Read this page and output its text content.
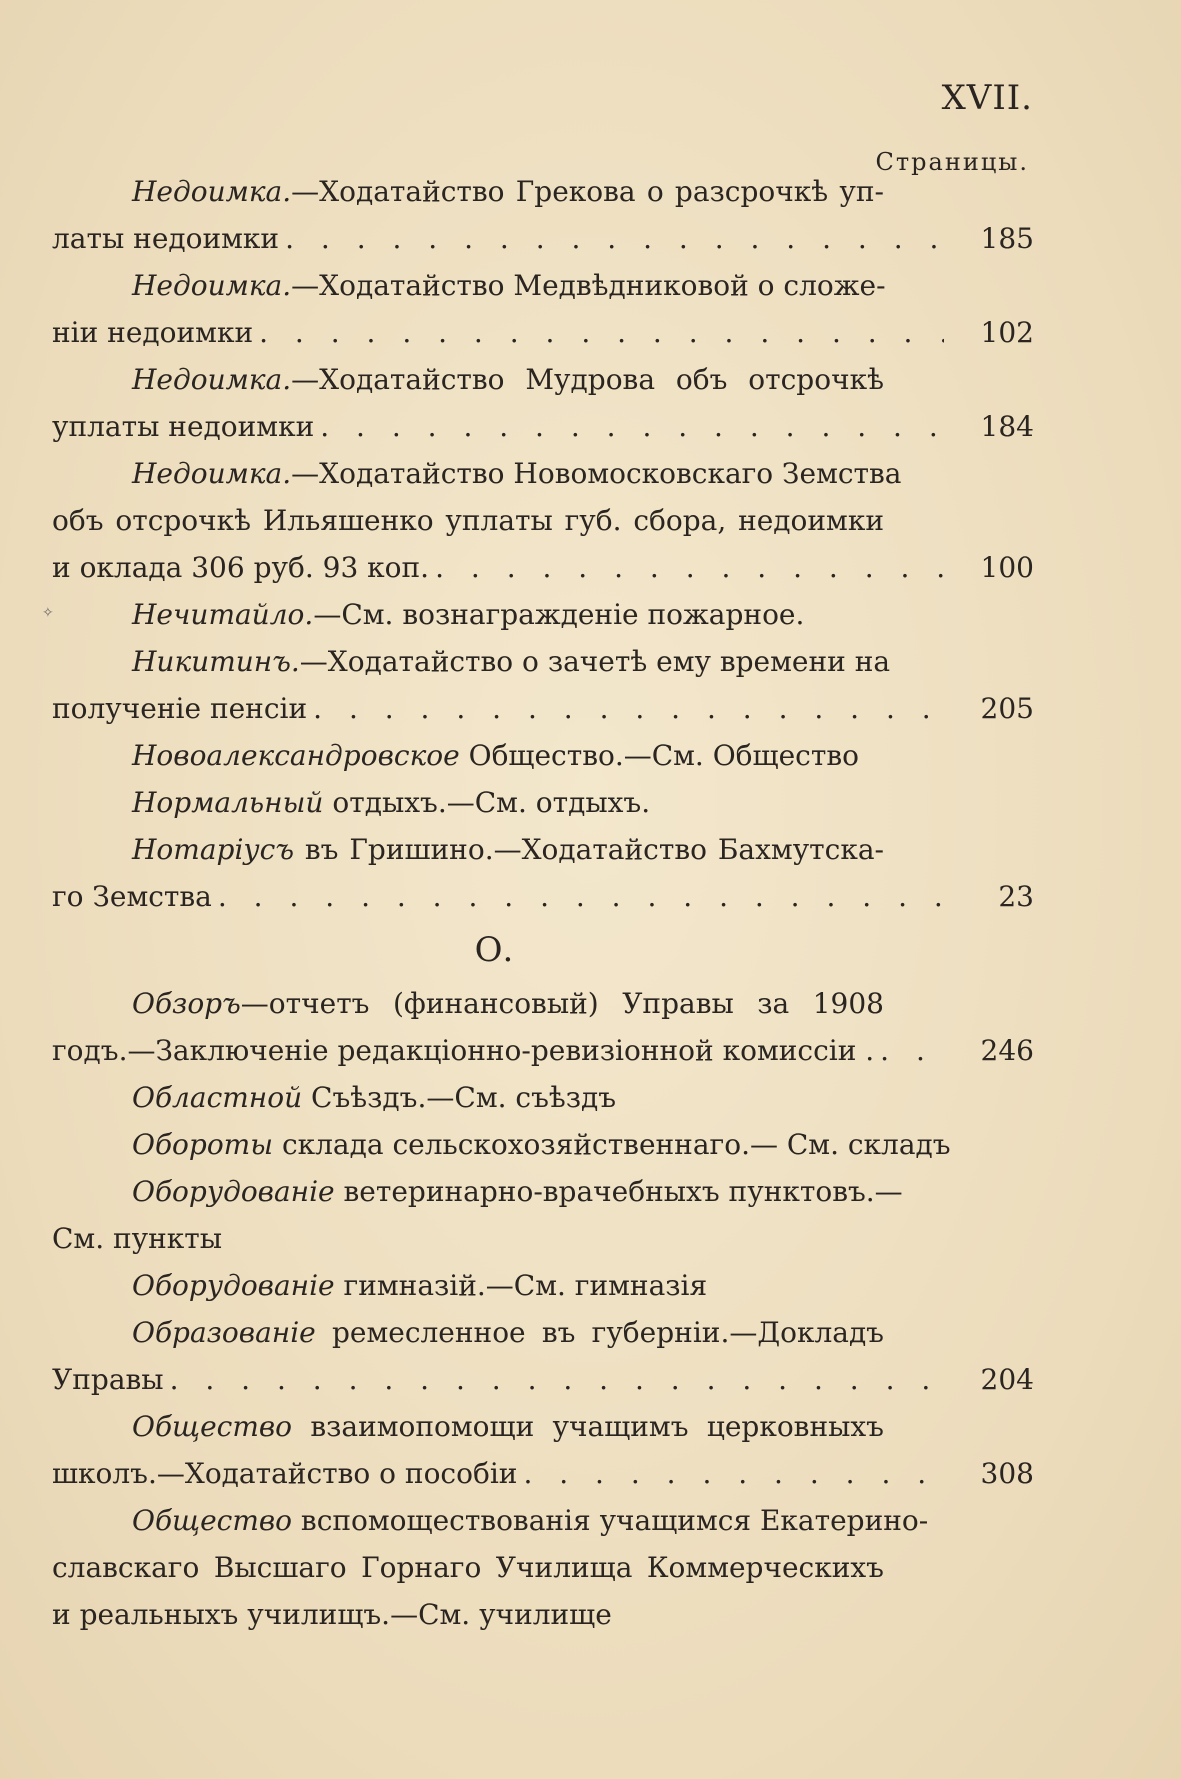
XVII.
Страницы.
✧
Недоимка.—Ходатайство Грекова о разсрочкѣ уп-
латы недоимки . . .	185
Недоимка.—Ходатайство Медвѣдниковой о сложе-
ніи недоимки . . .	102
Недоимка.—Ходатайство Мудрова объ отсрочкѣ
уплаты недоимки . . .	184
Недоимка.—Ходатайство Новомосковскаго Земства
объ отсрочкѣ Ильяшенко уплаты губ. сбора, недоимки
и оклада 306 руб. 93 коп. . . .	100
Нечитайло.—См. вознагражденіе пожарное.
Никитинъ.—Ходатайство о зачетѣ ему времени на
полученіе пенсіи . . .	205
Новоалександровское Общество.—См. Общество
Нормальный отдыхъ.—См. отдыхъ.
Нотаріусъ въ Гришино.—Ходатайство Бахмутска-
го Земства . . .	23
О.
Обзоръ—отчетъ (финансовый) Управы за 1908
годъ.—Заключеніе редакціонно-ревизіонной комиссіи . . . .	246
Областной Съѣздъ.—См. съѣздъ
Обороты склада сельскохозяйственнаго.— См. складъ
Оборудованіе ветеринарно-врачебныхъ пунктовъ.—
См. пункты
Оборудованіе гимназій.—См. гимназія
Образованіе ремесленное въ губерніи.—Докладъ
Управы . . .	204
Общество взаимопомощи учащимъ церковныхъ
школъ.—Ходатайство о пособіи . . .	308
Общество вспомоществованія учащимся Екатерино-
славскаго Высшаго Горнаго Училища Коммерческихъ
и реальныхъ училищъ.—См. училище
